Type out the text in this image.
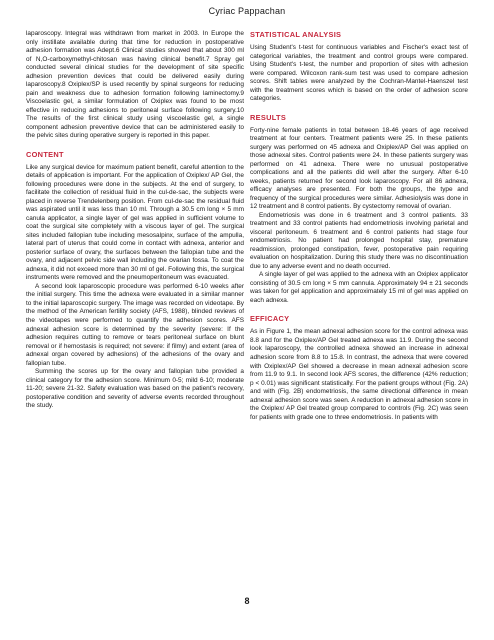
Cyriac Pappachan

laparoscopy. Integral was withdrawn from market in 2003. In Europe the only instillate available during that time for reduction in postoperative adhesion formation was Adept.6 Clinical studies showed that about 300 ml of N,O-carboxymethyl-chitosan was having clinical benefit.7 Spray gel conducted several clinical studies for the development of site specific adhesion prevention devices that could be delivered easily during laparoscopy.8 Oxiplex/SP is used recently by spinal surgeons for reducing pain and weakness due to adhesion formation following laminectomy.9 Viscoelastic gel, a similar formulation of Oxiplex was found to be most effective in reducing adhesions to peritoneal surface following surgery.10 The results of the first clinical study using viscoelastic gel, a single component adhesion preventive device that can be administered easily to the pelvic sites during operative surgery is reported in this paper.

CONTENT

Like any surgical device for maximum patient benefit, careful attention to the details of application is important. For the application of Oxiplex/ AP Gel, the following procedures were done in the subjects. At the end of surgery, to facilitate the collection of residual fluid in the cul-de-sac, the subjects were placed in reverse Trendelenberg position. From cul-de-sac the residual fluid was aspirated until it was less than 10 ml. Through a 30.5 cm long × 5 mm canula applicator, a single layer of gel was applied in sufficient volume to coat the surgical site completely with a viscous layer of gel. The surgical sites included fallopian tube including mesosalpinx, surface of the ampulla, lateral part of uterus that could come in contact with adnexa, anterior and posterior surface of ovary, the surfaces between the fallopian tube and the ovary, and adjacent pelvic side wall including the ovarian fossa. To coat the adnexa, it did not exceed more than 30 ml of gel. Following this, the surgical instruments were removed and the pneumoperitoneum was evacuated.

A second look laparoscopic procedure was performed 6-10 weeks after the initial surgery. This time the adnexa were evaluated in a similar manner to the initial laparoscopic surgery. The image was recorded on videotape. By the method of the American fertility society (AFS, 1988), blinded reviews of the videotapes were performed to quantify the adhesion scores. AFS adnexal adhesion score is determined by the severity (severe: If the adhesion requires cutting to remove or tears peritoneal surface on blunt removal or if hemostasis is required; not severe: if filmy) and extent (area of adnexal organ covered by adhesions) of the adhesions of the ovary and fallopian tube.

Summing the scores up for the ovary and fallopian tube provided a clinical category for the adhesion score. Minimum 0-5; mild 6-10; moderate 11-20; severe 21-32. Safety evaluation was based on the patient's recovery, postoperative condition and severity of adverse events recorded throughout the study.

STATISTICAL ANALYSIS

Using Student's t-test for continuous variables and Fischer's exact test of categorical variables, the treatment and control groups were compared. Using Student's t-test, the number and proportion of sites with adhesion were compared. Wilcoxon rank-sum test was used to compare adhesion scores. Shift tables were analyzed by the Cochran-Mantel-Haenszel test with the treatment scores which is based on the order of adhesion score categories.

RESULTS

Forty-nine female patients in total between 18-46 years of age received treatment at four centers. Treatment patients were 25. In these patients surgery was performed on 45 adnexa and Oxiplex/AP Gel was applied on those adnexal sites. Control patients were 24. In these patients surgery was performed on 41 adnexa. There were no unusual postoperative complications and all the patients did well after the surgery. After 6-10 weeks, patients returned for second look laparoscopy. For all 86 adnexa, efficacy analyses are presented. For both the groups, the type and frequency of the surgical procedures were similar. Adhesiolysis was done in 12 treatment and 8 control patients. By cystectomy removal of ovarian.

Endometriosis was done in 6 treatment and 3 control patients. 33 treatment and 33 control patients had endometriosis involving parietal and visceral peritoneum. 6 treatment and 6 control patients had stage four endometriosis. No patient had prolonged hospital stay, premature readmission, prolonged constipation, fever, postoperative pain requiring evaluation on hospitalization. During this study there was no discontinuation due to any adverse event and no death occurred.

A single layer of gel was applied to the adnexa with an Oxiplex applicator consisting of 30.5 cm long × 5 mm cannula. Approximately 94 ± 21 seconds was taken for gel application and approximately 15 ml of gel was applied on each adnexa.

EFFICACY

As in Figure 1, the mean adnexal adhesion score for the control adnexa was 8.8 and for the Oxiplex/AP Gel treated adnexa was 11.9. During the second look laparoscopy, the controlled adnexa showed an increase in adnexal adhesion score from 8.8 to 15.8. In contrast, the adnexa that were covered with Oxiplex/AP Gel showed a decrease in mean adnexal adhesion score from 11.9 to 9.1. In second look AFS scores, the difference (42% reduction; p < 0.01) was significant statistically. For the patient groups without (Fig. 2A) and with (Fig. 2B) endometriosis, the same directional difference in mean adnexal adhesion score was seen. A reduction in adnexal adhesion score in the Oxiplex/ AP Gel treated group compared to controls (Fig. 2C) was seen for patients with grade one to three endometriosis. In patients with

8
